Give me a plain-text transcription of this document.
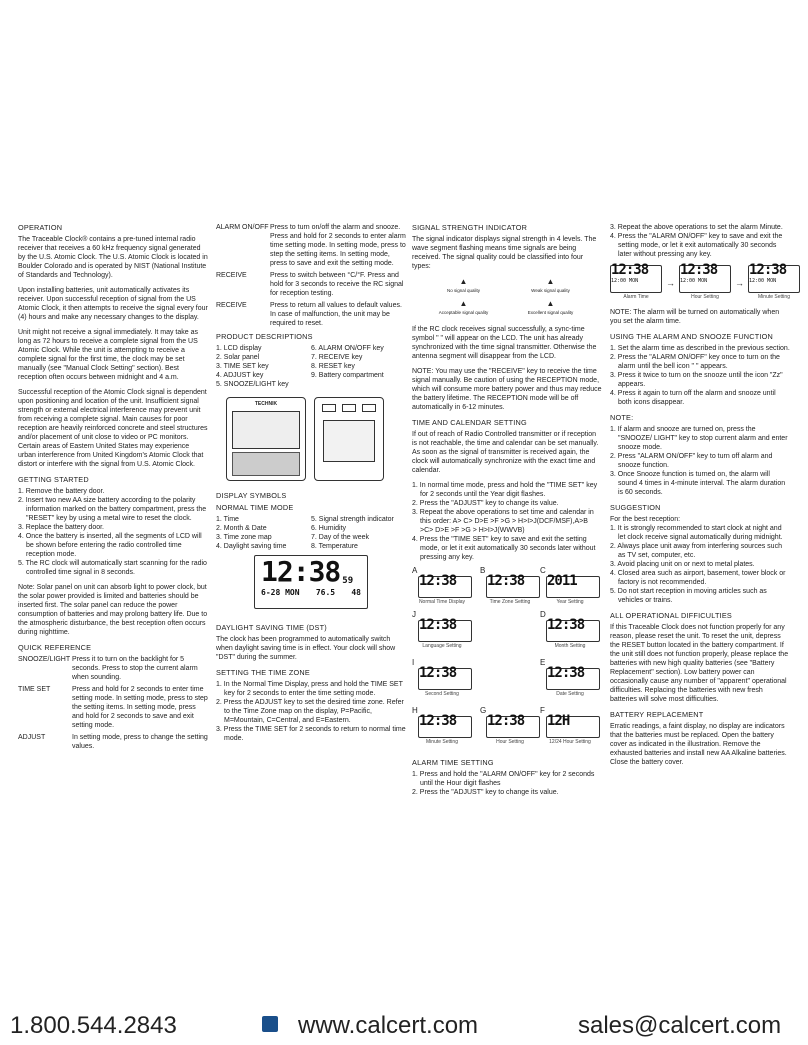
OPERATION

The Traceable Clock® contains a pre-tuned internal radio receiver that receives a 60 kHz frequency signal generated by the U.S. Atomic Clock. The U.S. Atomic Clock is located in Boulder Colorado and is operated by NIST (National Institute of Standards and Technology).

Upon installing batteries, unit automatically activates its receiver. Upon successful reception of signal from the US Atomic Clock, it then attempts to receive the signal every four (4) hours and make any necessary changes to the display.

Unit might not receive a signal immediately. It may take as long as 72 hours to receive a complete signal from the US Atomic Clock. While the unit is attempting to receive a complete signal for the first time, the clock may be set manually (see "Manual Clock Setting" section). Best reception often occurs between midnight and 4 a.m.

Successful reception of the Atomic Clock signal is dependent upon positioning and location of the unit. Insufficient signal strength or external electrical interference may prevent unit from receiving a complete signal. Main causes for poor reception are heavily reinforced concrete and steel structures and/or placement of unit close to video or PC monitors. Certain areas of Eastern United States may experience urban interference from United Kingdom's Atomic Clock that distort or interfere with the signal from U.S. Atomic Clock.

GETTING STARTED
1. Remove the battery door.
2. Insert two new AA size battery according to the polarity information marked on the battery compartment, press the "RESET" key by using a metal wire to reset the clock.
3. Replace the battery door.
4. Once the battery is inserted, all the segments of LCD will be shown before entering the radio controlled time reception mode.
5. The RC clock will automatically start scanning for the radio controlled time signal in 8 seconds.

Note: Solar panel on unit can absorb light to power clock, but the solar power provided is limited and batteries should be inserted first. The solar panel can reduce the power consumption of batteries and may prolong battery life. Due to the atmospheric disturbance, the best reception often occurs during nighttime.

QUICK REFERENCE
SNOOZE/LIGHT Press it to turn on the backlight for 5 seconds. Press to stop the current alarm when sounding.
TIME SET	Press and hold for 2 seconds to enter time setting mode. In setting mode, press to step the setting items. In setting mode, press and hold for 2 seconds to save and exit setting mode.
ADJUST	In setting mode, press to change the setting values.
ALARM ON/OFF Press to turn on/off the alarm and snooze. Press and hold for 2 seconds to enter alarm time setting mode. In setting mode, press to step the setting items. In setting mode, press to save and exit the setting mode.
RECEIVE	Press to switch between °C/°F. Press and hold for 3 seconds to receive the RC signal for reception testing.
RECEIVE	Press to return all values to default values. In case of malfunction, the unit may be required to reset.
PRODUCT DESCRIPTIONS
1. LCD display
2. Solar panel
3. TIME SET key
4. ADJUST key
5. SNOOZE/LIGHT key
6. ALARM ON/OFF key
7. RECEIVE key
8. RESET key
9. Battery compartment
TECHNIK
DISPLAY SYMBOLS
NORMAL TIME MODE
1. Time
2. Month & Date
3. Time zone map
4. Daylight saving time
5. Signal strength indicator
6. Humidity
7. Day of the week
8. Temperature
12:38 59
6-28 MON 76.5 48
DAYLIGHT SAVING TIME (DST)

The clock has been programmed to automatically switch when daylight saving time is in effect. Your clock will show "DST" during the summer.

SETTING THE TIME ZONE
1. In the Normal Time Display, press and hold the TIME SET key for 2 seconds to enter the time setting mode.
2. Press the ADJUST key to set the desired time zone. Refer to the Time Zone map on the display, P=Pacific, M=Mountain, C=Central, and E=Eastern.
3. Press the TIME SET for 2 seconds to return to normal time mode.
SIGNAL STRENGTH INDICATOR

The signal indicator displays signal strength in 4 levels. The wave segment flashing means time signals are being received. The signal quality could be classified into four types:

▲
No signal quality
▲
Weak signal quality
▲
Acceptable signal quality
▲
Excellent signal quality

If the RC clock receives signal successfully, a sync-time symbol " " will appear on the LCD. The unit has already synchronized with the time signal transmitter. Otherwise the antenna segment will disappear from the LCD.

NOTE: You may use the "RECEIVE" key to receive the time signal manually. Be caution of using the RECEPTION mode, which will consume more battery power and thus may reduce the battery lifetime. The RECEPTION mode will be off automatically in 6-12 minutes.

TIME AND CALENDAR SETTING

If out of reach of Radio Controlled transmitter or if reception is not reachable, the time and calendar can be set manually. As soon as the signal of transmitter is received again, the clock will automatically synchronize with the exact time and calendar.

1. In normal time mode, press and hold the "TIME SET" key for 2 seconds until the Year digit flashes.
2. Press the "ADJUST" key to change its value.
3. Repeat the above operations to set time and calendar in this order: A> C> D>E >F >G > H>I>J(DCF/MSF),A>B >C> D>E >F >G > H>I>J(WWVB)
4. Press the "TIME SET" key to save and exit the setting mode, or let it exit automatically 30 seconds later without pressing any key.
A
12:38
Normal Time Display
B
12:38
Time Zone Setting
C
2011
Year Setting
J
12:38
Language Setting
D
12:38
Month Setting
I
12:38
Second Setting
E
12:38
Date Setting
H
12:38
Minute Setting
G
12:38
Hour Setting
F
12H
12/24 Hour Setting
ALARM TIME SETTING
1. Press and hold the "ALARM ON/OFF" key for 2 seconds until the Hour digit flashes
2. Press the "ADJUST" key to change its value.
3. Repeat the above operations to set the alarm Minute.
4. Press the "ALARM ON/OFF" key to save and exit the setting mode, or let it exit automatically 30 seconds later without pressing any key.
12:38
12:00 MON
Alarm Time
→
12:38
12:00 MON
Hour Setting
→
12:38
12:00 MON
Minute Setting

NOTE: The alarm will be turned on automatically when you set the alarm time.

USING THE ALARM AND SNOOZE FUNCTION
1. Set the alarm time as described in the previous section.
2. Press the "ALARM ON/OFF" key once to turn on the alarm until the bell icon " " appears.
3. Press it twice to turn on the snooze until the icon "Zz" appears.
4. Press it again to turn off the alarm and snooze until both icons disappear.
NOTE:
1. If alarm and snooze are turned on, press the "SNOOZE/ LIGHT" key to stop current alarm and enter snooze mode.
2. Press "ALARM ON/OFF" key to turn off alarm and snooze function.
3. Once Snooze function is turned on, the alarm will sound 4 times in 4-minute interval. The alarm duration is 60 seconds.
SUGGESTION
For the best reception:
1. It is strongly recommended to start clock at night and let clock receive signal automatically during midnight.
2. Always place unit away from interfering sources such as TV set, computer, etc.
3. Avoid placing unit on or next to metal plates.
4. Closed area such as airport, basement, tower block or factory is not recommended.
5. Do not start reception in moving articles such as vehicles or trains.
ALL OPERATIONAL DIFFICULTIES

If this Traceable Clock does not function properly for any reason, please reset the unit. To reset the unit, depress the RESET button located in the battery compartment. If the unit still does not function properly, please replace the batteries with new high quality batteries (see "Battery Replacement" section). Low battery power can occasionally cause any number of "apparent" operational difficulties. Replacing the batteries with new fresh batteries will solve most difficulties.

BATTERY REPLACEMENT

Erratic readings, a faint display, no display are indicators that the batteries must be replaced. Open the battery cover as indicated in the illustration. Remove the exhausted batteries and install new AA Alkaline batteries. Close the battery cover.

1.800.544.2843	www.calcert.com	sales@calcert.com
